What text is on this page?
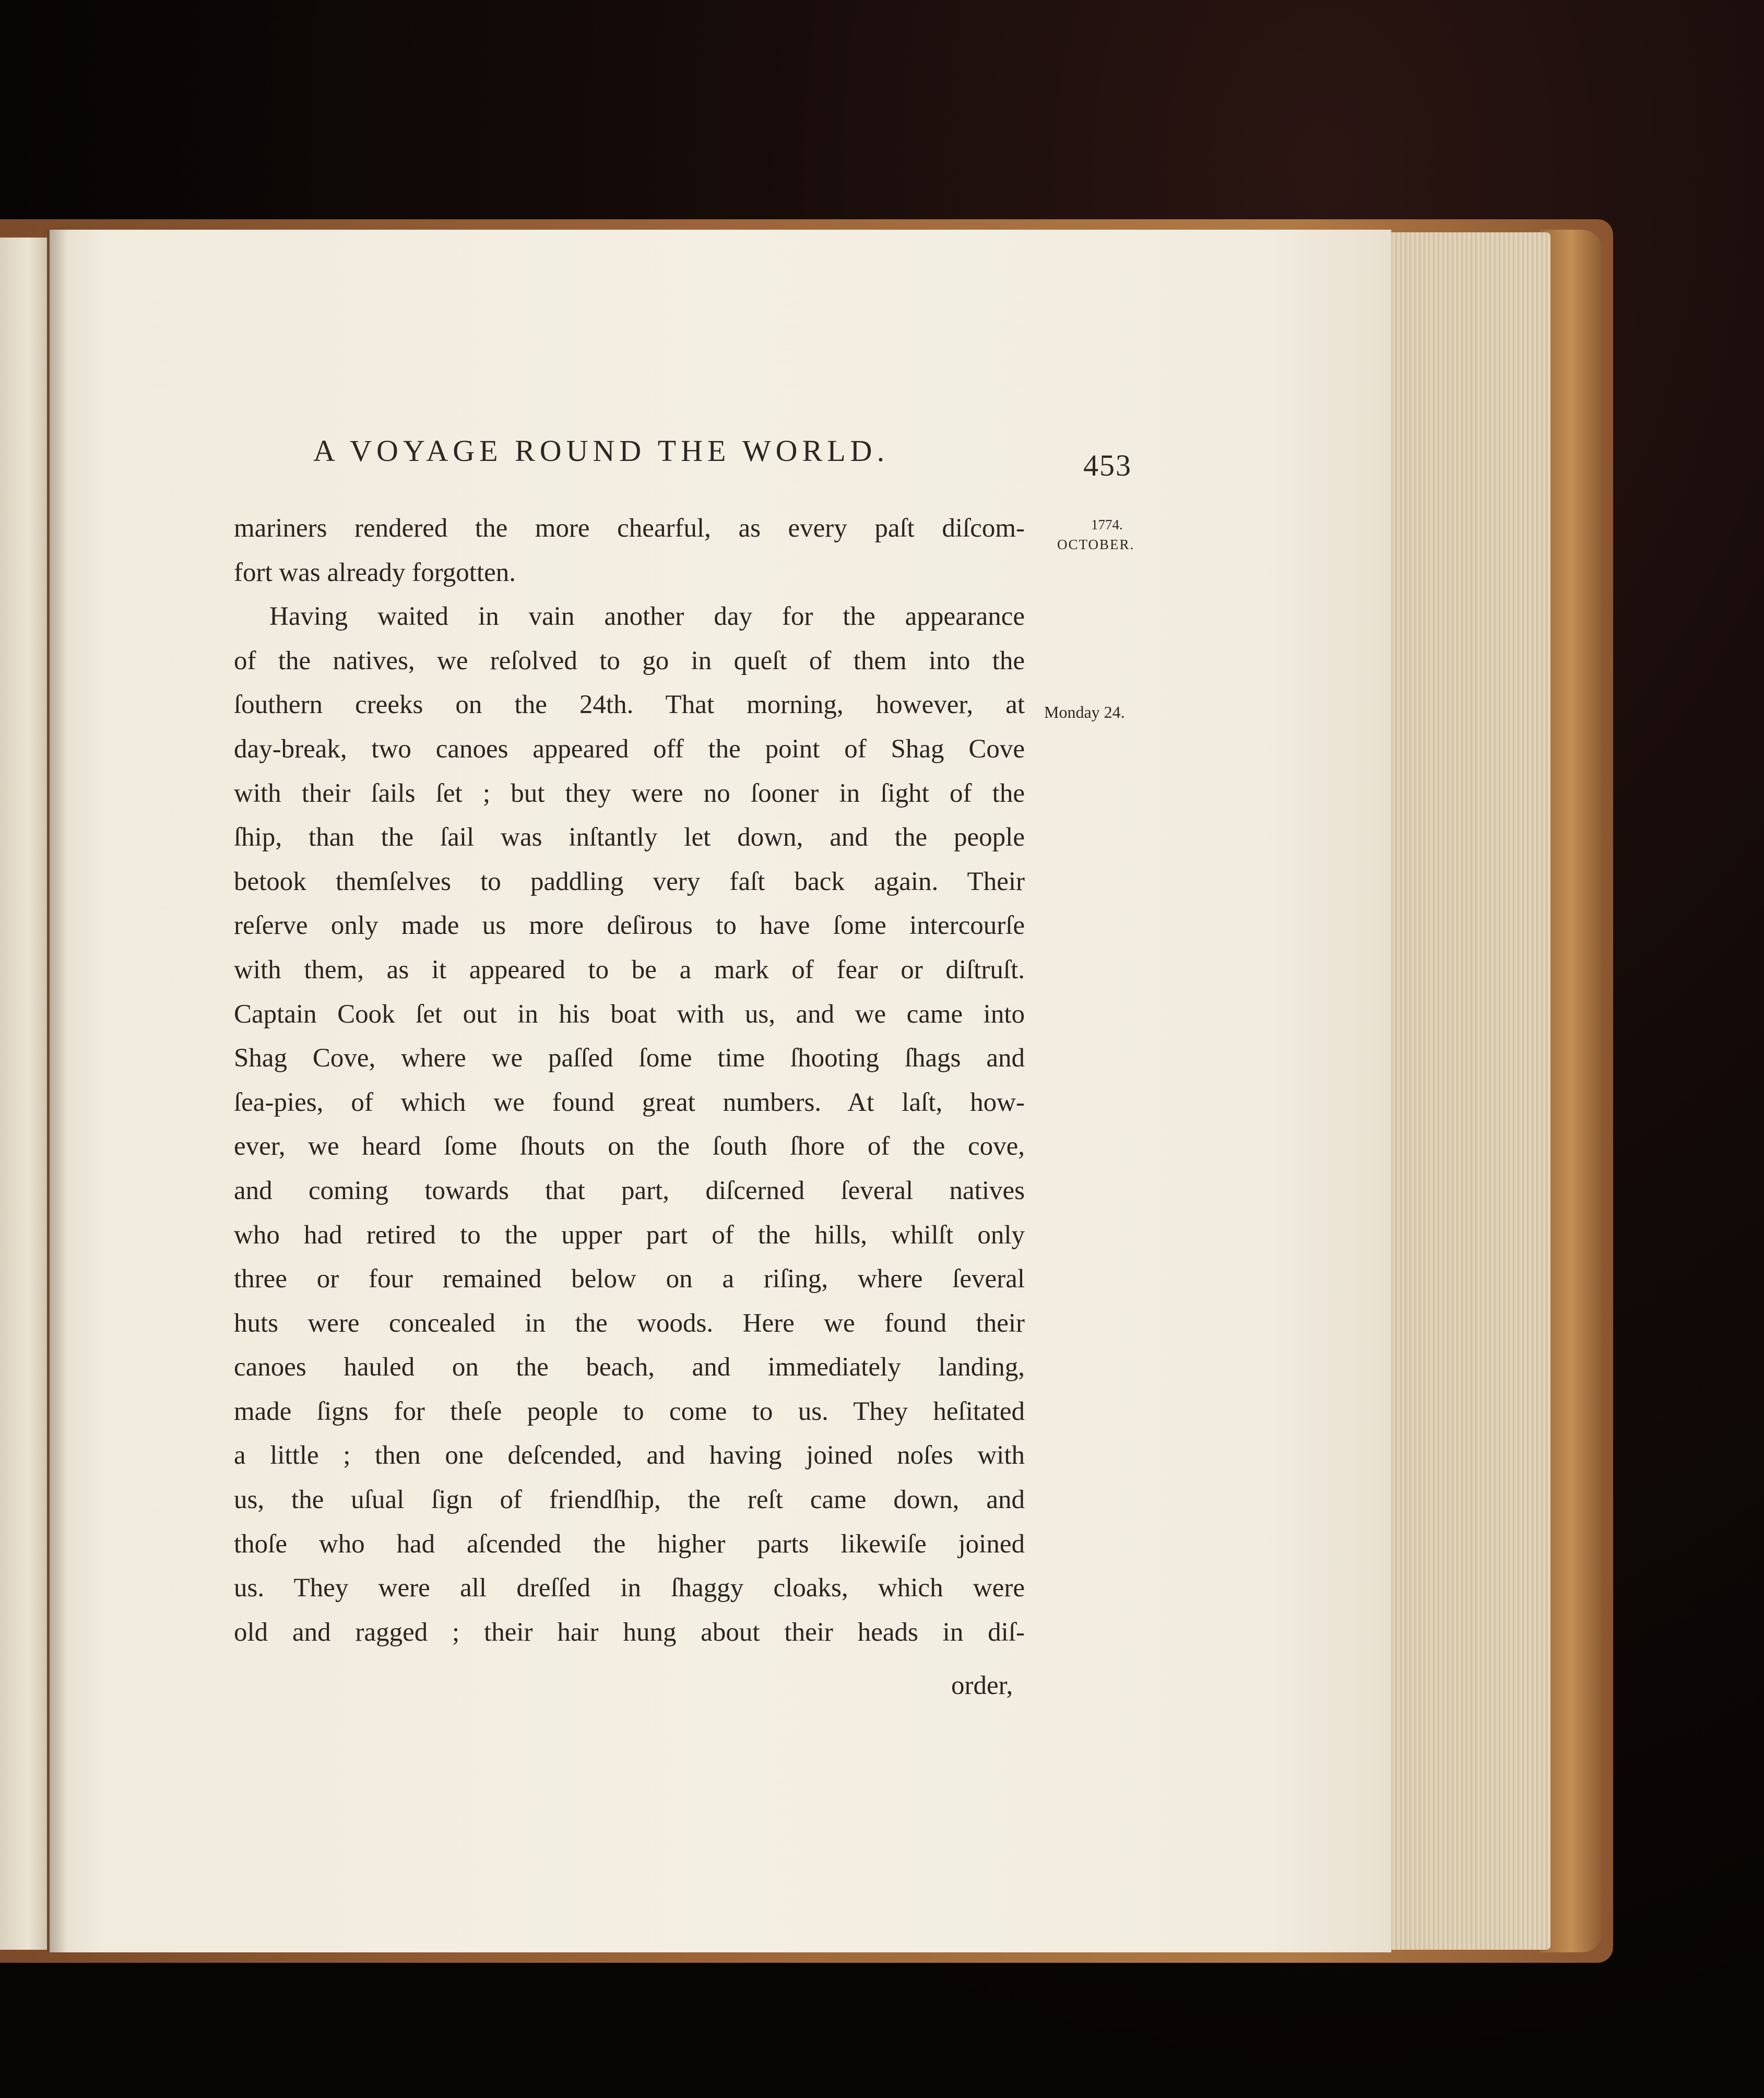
A VOYAGE ROUND THE WORLD.	453
1774.
OCTOBER.
Monday 24.

mariners rendered the more chearful, as every paſt diſcom-

fort was already forgotten.

Having waited in vain another day for the appearance

of the natives, we reſolved to go in queſt of them into the

ſouthern creeks on the 24th. That morning, however, at

day-break, two canoes appeared off the point of Shag Cove

with their ſails ſet ; but they were no ſooner in ſight of the

ſhip, than the ſail was inſtantly let down, and the people

betook themſelves to paddling very faſt back again. Their

reſerve only made us more deſirous to have ſome intercourſe

with them, as it appeared to be a mark of fear or diſtruſt.

Captain Cook ſet out in his boat with us, and we came into

Shag Cove, where we paſſed ſome time ſhooting ſhags and

ſea-pies, of which we found great numbers. At laſt, how-

ever, we heard ſome ſhouts on the ſouth ſhore of the cove,

and coming towards that part, diſcerned ſeveral natives

who had retired to the upper part of the hills, whilſt only

three or four remained below on a riſing, where ſeveral

huts were concealed in the woods. Here we found their

canoes hauled on the beach, and immediately landing,

made ſigns for theſe people to come to us. They heſitated

a little ; then one deſcended, and having joined noſes with

us, the uſual ſign of friendſhip, the reſt came down, and

thoſe who had aſcended the higher parts likewiſe joined

us. They were all dreſſed in ſhaggy cloaks, which were

old and ragged ; their hair hung about their heads in diſ-

order,
